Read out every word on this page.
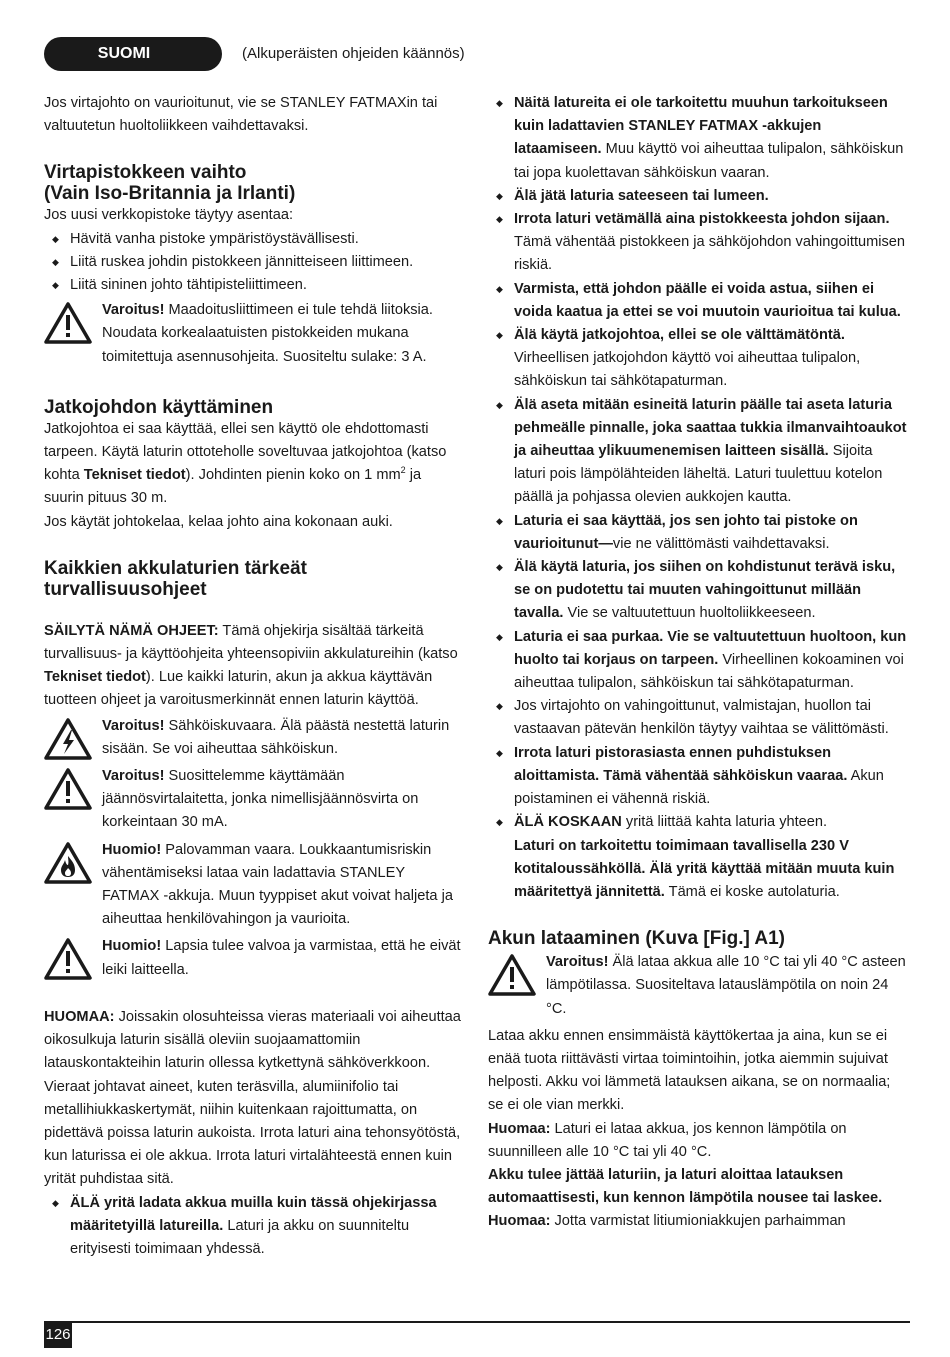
SUOMI	(Alkuperäisten ohjeiden käännös)

Jos virtajohto on vaurioitunut, vie se STANLEY FATMAXin tai valtuutetun huoltoliikkeen vaihdettavaksi.

Virtapistokkeen vaihto
(Vain Iso-Britannia ja Irlanti)

Jos uusi verkkopistoke täytyy asentaa:

◆ Hävitä vanha pistoke ympäristöystävällisesti.
◆ Liitä ruskea johdin pistokkeen jännitteiseen liittimeen.
◆ Liitä sininen johto tähtipisteliittimeen.
Varoitus! Maadoitusliittimeen ei tule tehdä liitoksia. Noudata korkealaatuisten pistokkeiden mukana toimitettuja asennusohjeita. Suositeltu sulake: 3 A.
Jatkojohdon käyttäminen

Jatkojohtoa ei saa käyttää, ellei sen käyttö ole ehdottomasti tarpeen. Käytä laturin ottoteholle soveltuvaa jatkojohtoa (katso kohta Tekniset tiedot). Johdinten pienin koko on 1 $mm^2$ ja suurin pituus 30 m.

Jos käytät johtokelaa, kelaa johto aina kokonaan auki.

Kaikkien akkulaturien tärkeät
turvallisuusohjeet

SÄILYTÄ NÄMÄ OHJEET: Tämä ohjekirja sisältää tärkeitä turvallisuus- ja käyttöohjeita yhteensopiviin akkulatureihin (katso Tekniset tiedot). Lue kaikki laturin, akun ja akkua käyttävän tuotteen ohjeet ja varoitusmerkinnät ennen laturin käyttöä.

Varoitus! Sähköiskuvaara. Älä päästä nestettä laturin sisään. Se voi aiheuttaa sähköiskun.
Varoitus! Suosittelemme käyttämään jäännösvirtalaitetta, jonka nimellisjäännösvirta on korkeintaan 30 mA.
Huomio! Palovamman vaara. Loukkaantumisriskin vähentämiseksi lataa vain ladattavia STANLEY FATMAX -akkuja. Muun tyyppiset akut voivat haljeta ja aiheuttaa henkilövahingon ja vaurioita.
Huomio! Lapsia tulee valvoa ja varmistaa, että he eivät leiki laitteella.

HUOMAA: Joissakin olosuhteissa vieras materiaali voi aiheuttaa oikosulkuja laturin sisällä oleviin suojaamattomiin latauskontakteihin laturin ollessa kytkettynä sähköverkkoon. Vieraat johtavat aineet, kuten teräsvilla, alumiinifolio tai metallihiukkaskertymät, niihin kuitenkaan rajoittumatta, on pidettävä poissa laturin aukoista. Irrota laturi aina tehonsyötöstä, kun laturissa ei ole akkua. Irrota laturi virtalähteestä ennen kuin yrität puhdistaa sitä.

◆ ÄLÄ yritä ladata akkua muilla kuin tässä ohjekirjassa määritetyillä latureilla. Laturi ja akku on suunniteltu erityisesti toimimaan yhdessä.
◆ Näitä latureita ei ole tarkoitettu muuhun tarkoitukseen kuin ladattavien STANLEY FATMAX -akkujen lataamiseen. Muu käyttö voi aiheuttaa tulipalon, sähköiskun tai jopa kuolettavan sähköiskun vaaran.
◆ Älä jätä laturia sateeseen tai lumeen.
◆ Irrota laturi vetämällä aina pistokkeesta johdon sijaan. Tämä vähentää pistokkeen ja sähköjohdon vahingoittumisen riskiä.
◆ Varmista, että johdon päälle ei voida astua, siihen ei voida kaatua ja ettei se voi muutoin vaurioitua tai kulua.
◆ Älä käytä jatkojohtoa, ellei se ole välttämätöntä. Virheellisen jatkojohdon käyttö voi aiheuttaa tulipalon, sähköiskun tai sähkötapaturman.
◆ Älä aseta mitään esineitä laturin päälle tai aseta laturia pehmeälle pinnalle, joka saattaa tukkia ilmanvaihtoaukot ja aiheuttaa ylikuumenemisen laitteen sisällä. Sijoita laturi pois lämpölähteiden läheltä. Laturi tuulettuu kotelon päällä ja pohjassa olevien aukkojen kautta.
◆ Laturia ei saa käyttää, jos sen johto tai pistoke on vaurioitunut—vie ne välittömästi vaihdettavaksi.
◆ Älä käytä laturia, jos siihen on kohdistunut terävä isku, se on pudotettu tai muuten vahingoittunut millään tavalla. Vie se valtuutettuun huoltoliikkeeseen.
◆ Laturia ei saa purkaa. Vie se valtuutettuun huoltoon, kun huolto tai korjaus on tarpeen. Virheellinen kokoaminen voi aiheuttaa tulipalon, sähköiskun tai sähkötapaturman.
◆ Jos virtajohto on vahingoittunut, valmistajan, huollon tai vastaavan pätevän henkilön täytyy vaihtaa se välittömästi.
◆ Irrota laturi pistorasiasta ennen puhdistuksen aloittamista. Tämä vähentää sähköiskun vaaraa. Akun poistaminen ei vähennä riskiä.
◆ ÄLÄ KOSKAAN yritä liittää kahta laturia yhteen.

Laturi on tarkoitettu toimimaan tavallisella 230 V kotitaloussähköllä. Älä yritä käyttää mitään muuta kuin määritettyä jännitettä. Tämä ei koske autolaturia.

Akun lataaminen (Kuva [Fig.] A1)
Varoitus! Älä lataa akkua alle 10 °C tai yli 40 °C asteen lämpötilassa. Suositeltava latauslämpötila on noin 24 °C.

Lataa akku ennen ensimmäistä käyttökertaa ja aina, kun se ei enää tuota riittävästi virtaa toimintoihin, jotka aiemmin sujuivat helposti. Akku voi lämmetä latauksen aikana, se on normaalia; se ei ole vian merkki.

Huomaa: Laturi ei lataa akkua, jos kennon lämpötila on suunnilleen alle 10 °C tai yli 40 °C.

Akku tulee jättää laturiin, ja laturi aloittaa latauksen automaattisesti, kun kennon lämpötila nousee tai laskee.

Huomaa: Jotta varmistat litiumioniakkujen parhaimman

126
